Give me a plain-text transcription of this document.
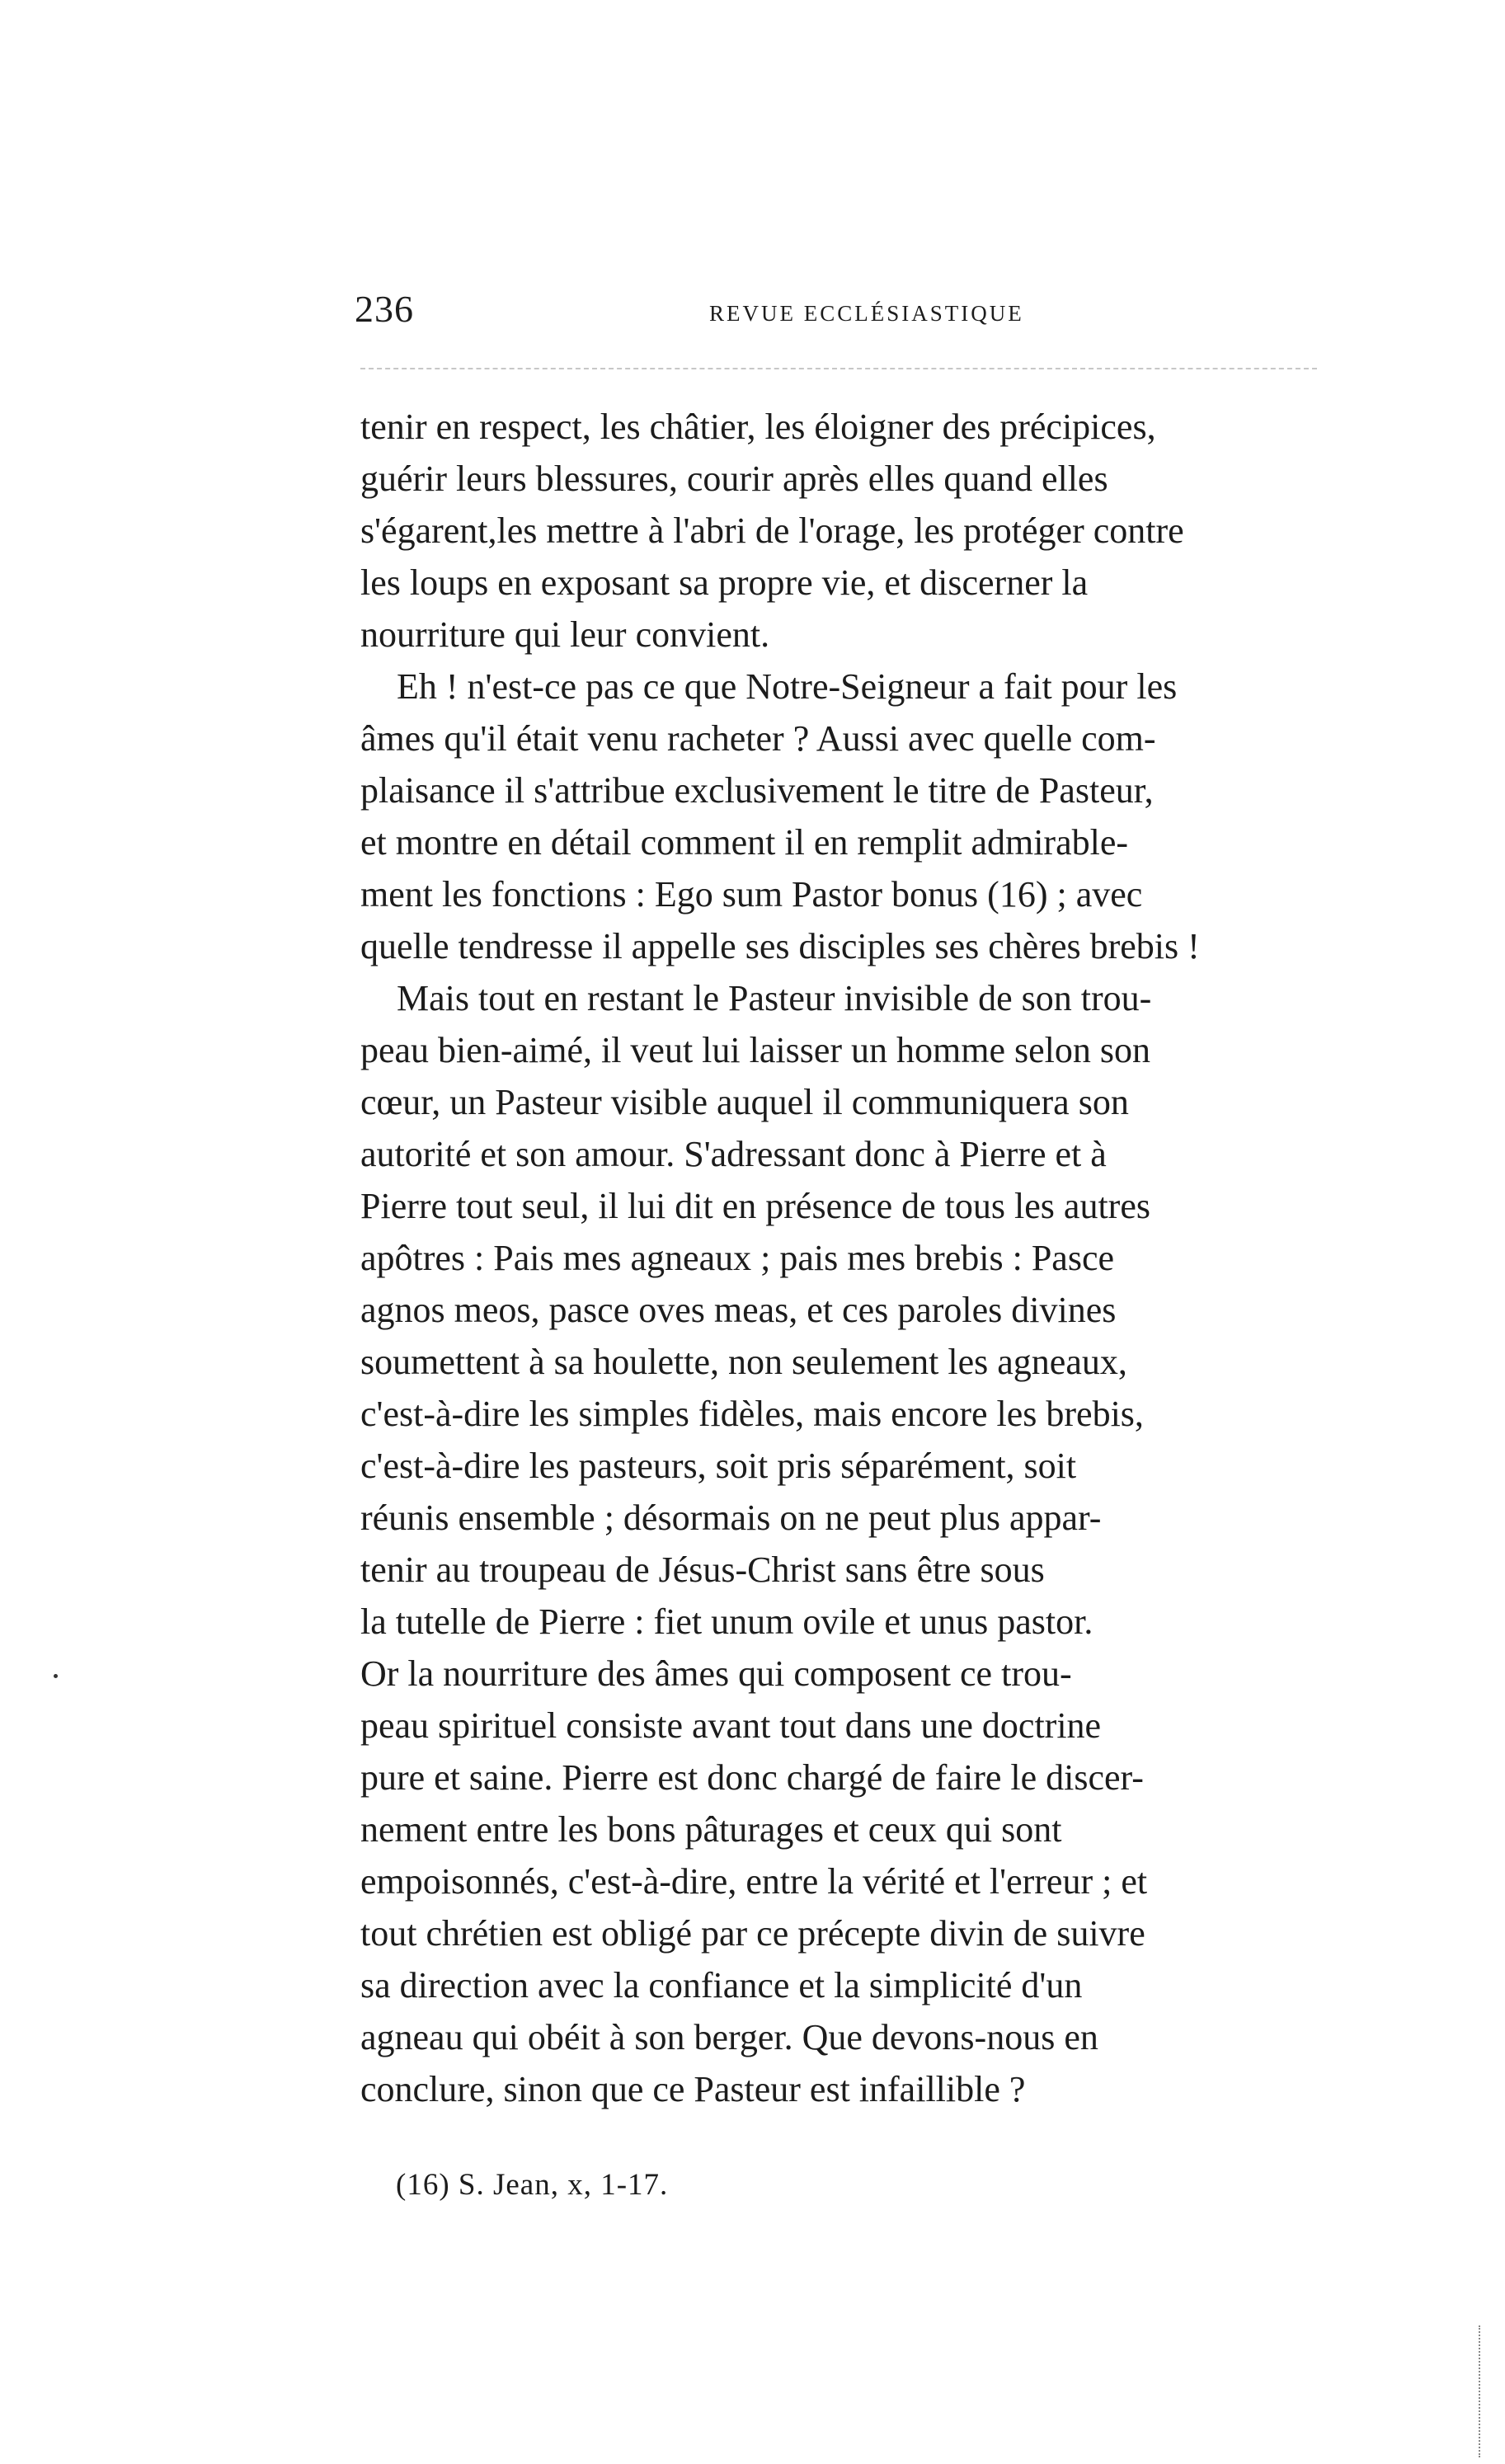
236	REVUE ECCLÉSIASTIQUE
tenir en respect, les châtier, les éloigner des précipices,
guérir leurs blessures, courir après elles quand elles
s'égarent,les mettre à l'abri de l'orage, les protéger contre
les loups en exposant sa propre vie, et discerner la
nourriture qui leur convient.
Eh ! n'est-ce pas ce que Notre-Seigneur a fait pour les
âmes qu'il était venu racheter ? Aussi avec quelle com-
plaisance il s'attribue exclusivement le titre de Pasteur,
et montre en détail comment il en remplit admirable-
ment les fonctions : Ego sum Pastor bonus (16) ; avec
quelle tendresse il appelle ses disciples ses chères brebis !
Mais tout en restant le Pasteur invisible de son trou-
peau bien-aimé, il veut lui laisser un homme selon son
cœur, un Pasteur visible auquel il communiquera son
autorité et son amour. S'adressant donc à Pierre et à
Pierre tout seul, il lui dit en présence de tous les autres
apôtres : Pais mes agneaux ; pais mes brebis : Pasce
agnos meos, pasce oves meas, et ces paroles divines
soumettent à sa houlette, non seulement les agneaux,
c'est-à-dire les simples fidèles, mais encore les brebis,
c'est-à-dire les pasteurs, soit pris séparément, soit
réunis ensemble ; désormais on ne peut plus appar-
tenir au troupeau de Jésus-Christ sans être sous
la tutelle de Pierre : fiet unum ovile et unus pastor.
Or la nourriture des âmes qui composent ce trou-
peau spirituel consiste avant tout dans une doctrine
pure et saine. Pierre est donc chargé de faire le discer-
nement entre les bons pâturages et ceux qui sont
empoisonnés, c'est-à-dire, entre la vérité et l'erreur ; et
tout chrétien est obligé par ce précepte divin de suivre
sa direction avec la confiance et la simplicité d'un
agneau qui obéit à son berger. Que devons-nous en
conclure, sinon que ce Pasteur est infaillible ?
(16) S. Jean, x, 1-17.
